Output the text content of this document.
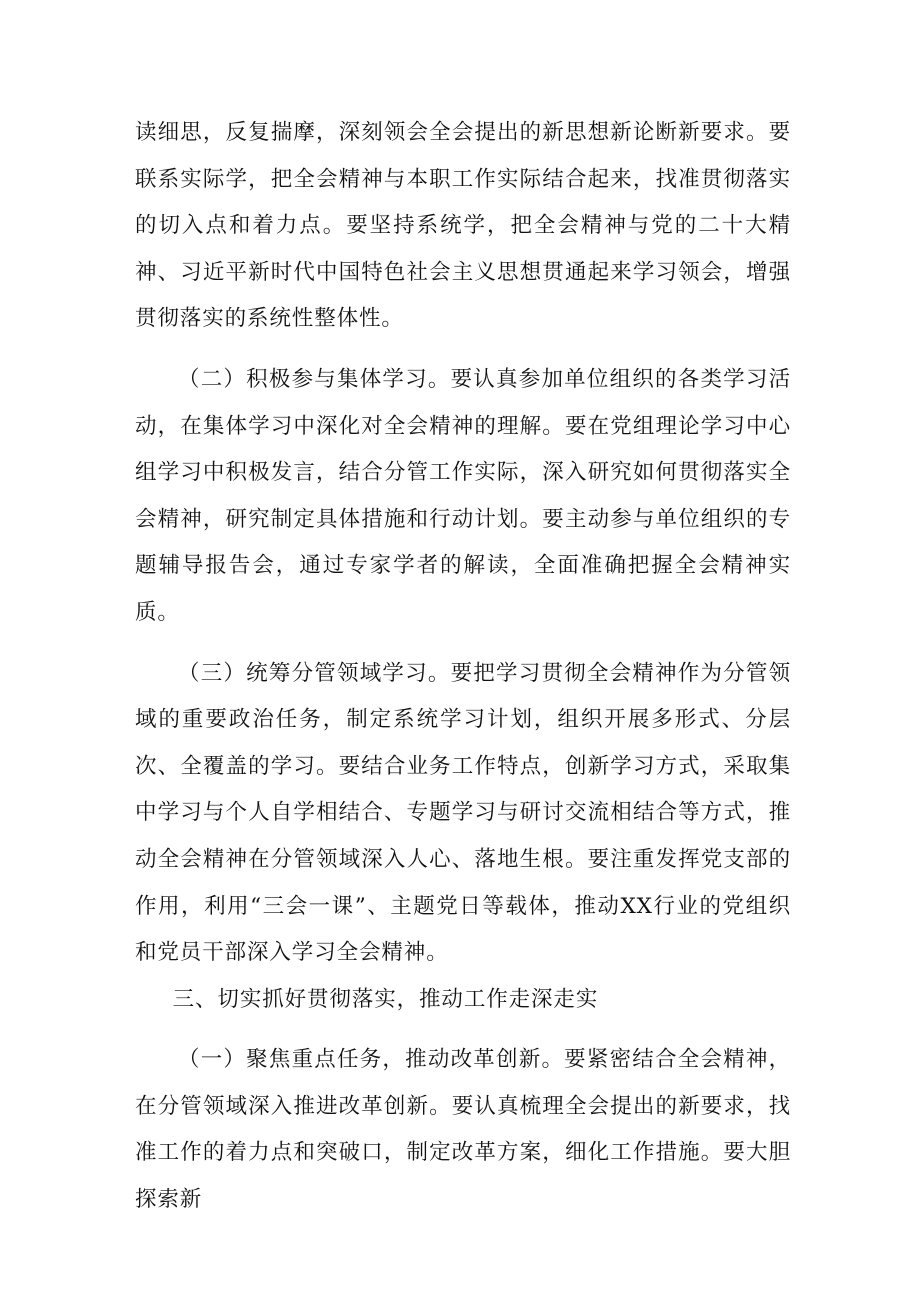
读细思，反复揣摩，深刻领会全会提出的新思想新论断新要求。要联系实际学，把全会精神与本职工作实际结合起来，找准贯彻落实的切入点和着力点。要坚持系统学，把全会精神与党的二十大精神、习近平新时代中国特色社会主义思想贯通起来学习领会，增强贯彻落实的系统性整体性。

（二）积极参与集体学习。要认真参加单位组织的各类学习活动，在集体学习中深化对全会精神的理解。要在党组理论学习中心组学习中积极发言，结合分管工作实际，深入研究如何贯彻落实全会精神，研究制定具体措施和行动计划。要主动参与单位组织的专题辅导报告会，通过专家学者的解读，全面准确把握全会精神实质。

（三）统筹分管领域学习。要把学习贯彻全会精神作为分管领域的重要政治任务，制定系统学习计划，组织开展多形式、分层次、全覆盖的学习。要结合业务工作特点，创新学习方式，采取集中学习与个人自学相结合、专题学习与研讨交流相结合等方式，推动全会精神在分管领域深入人心、落地生根。要注重发挥党支部的作用，利用“三会一课”、主题党日等载体，推动XX行业的党组织和党员干部深入学习全会精神。

三、切实抓好贯彻落实，推动工作走深走实

（一）聚焦重点任务，推动改革创新。要紧密结合全会精神，在分管领域深入推进改革创新。要认真梳理全会提出的新要求，找准工作的着力点和突破口，制定改革方案，细化工作措施。要大胆探索新
